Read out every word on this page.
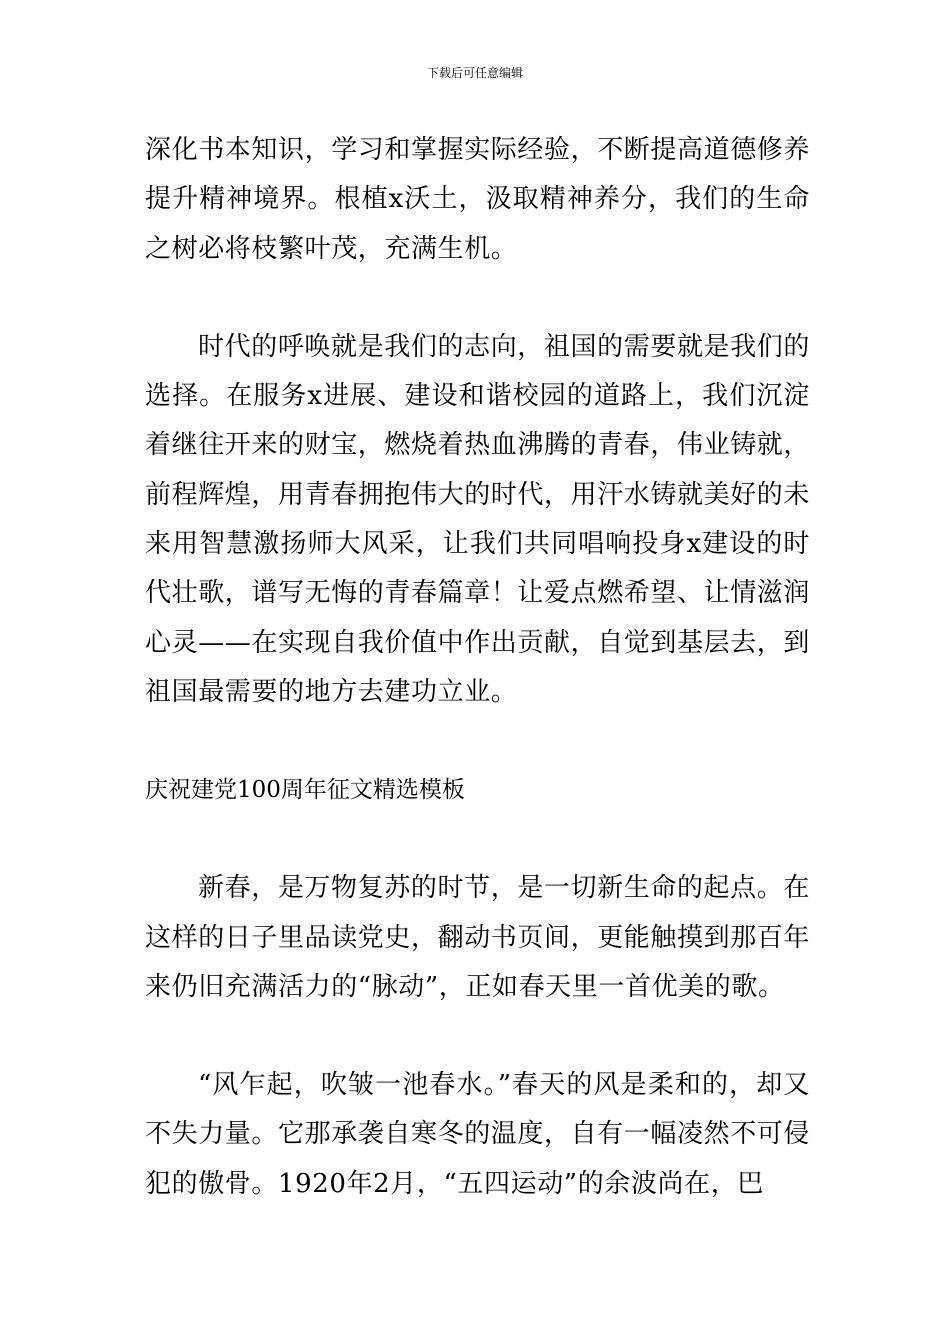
下载后可任意编辑

深化书本知识，学习和掌握实际经验，不断提高道德修养提升精神境界。根植x沃土，汲取精神养分，我们的生命之树必将枝繁叶茂，充满生机。

时代的呼唤就是我们的志向，祖国的需要就是我们的选择。在服务x进展、建设和谐校园的道路上，我们沉淀着继往开来的财宝，燃烧着热血沸腾的青春，伟业铸就，前程辉煌，用青春拥抱伟大的时代，用汗水铸就美好的未来用智慧激扬师大风采，让我们共同唱响投身x建设的时代壮歌，谱写无悔的青春篇章！让爱点燃希望、让情滋润心灵——在实现自我价值中作出贡献，自觉到基层去，到祖国最需要的地方去建功立业。

庆祝建党100周年征文精选模板

新春，是万物复苏的时节，是一切新生命的起点。在这样的日子里品读党史，翻动书页间，更能触摸到那百年来仍旧充满活力的“脉动”，正如春天里一首优美的歌。

“风乍起，吹皱一池春水。”春天的风是柔和的，却又不失力量。它那承袭自寒冬的温度，自有一幅凌然不可侵犯的傲骨。1920年2月，“五四运动”的余波尚在，巴
